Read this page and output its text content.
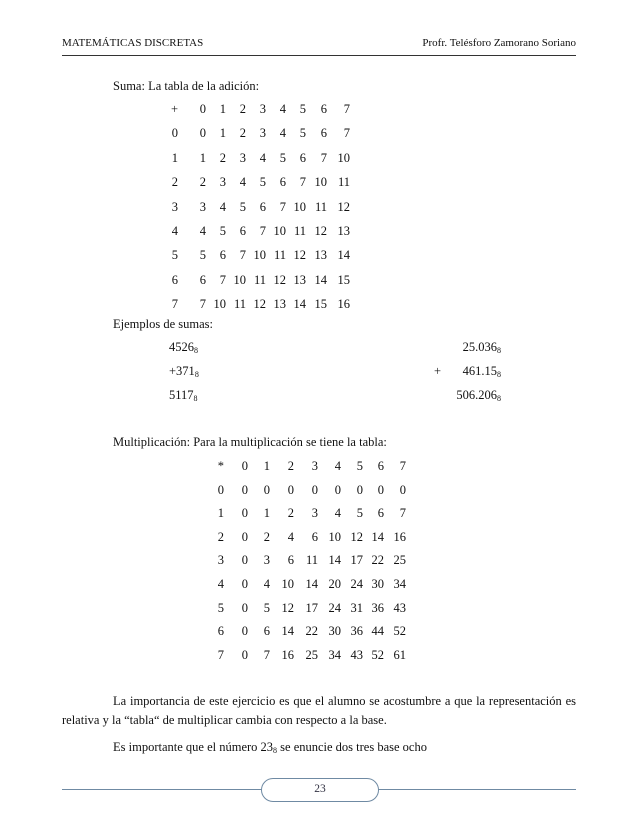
MATEMÁTICAS DISCRETAS	Profr. Telésforo Zamorano Soriano
Suma: La tabla de la adición:
+	0	1	2	3	4	5	6	7
0	0	1	2	3	4	5	6	7
1	1	2	3	4	5	6	7 10
2	2	3	4	5	6	7 10 11
3	3	4	5	6	7 10 11 12
4	4	5	6	7 10 11 12 13
5	5	6	7 10 11 12 13 14
6	6	7 10 11 12 13 14 15
7	7 10 11 12 13 14 15 16
Ejemplos de sumas:
$4526_8$
$+371_8$
$5117_8$
$25.036_8$
$461.15_8$
$506.206_8$
+
Multiplicación: Para la multiplicación se tiene la tabla:
*	0	1	2	3	4	5	6	7
0	0	0	0	0	0	0	0	0
1	0	1	2	3	4	5	6	7
2	0	2	4	6 10 12 14 16
3	0	3	6 11 14 17 22 25
4	0	4 10 14 20 24 30 34
5	0	5 12 17 24 31 36 43
6	0	6 14 22 30 36 44 52
7	0	7 16 25 34 43 52 61
La importancia de este ejercicio es que el alumno se acostumbre a que la representación es relativa y la “tabla“ de multiplicar cambia con respecto a la base.
Es importante que el número $23_8$ se enuncie dos tres base ocho
23
